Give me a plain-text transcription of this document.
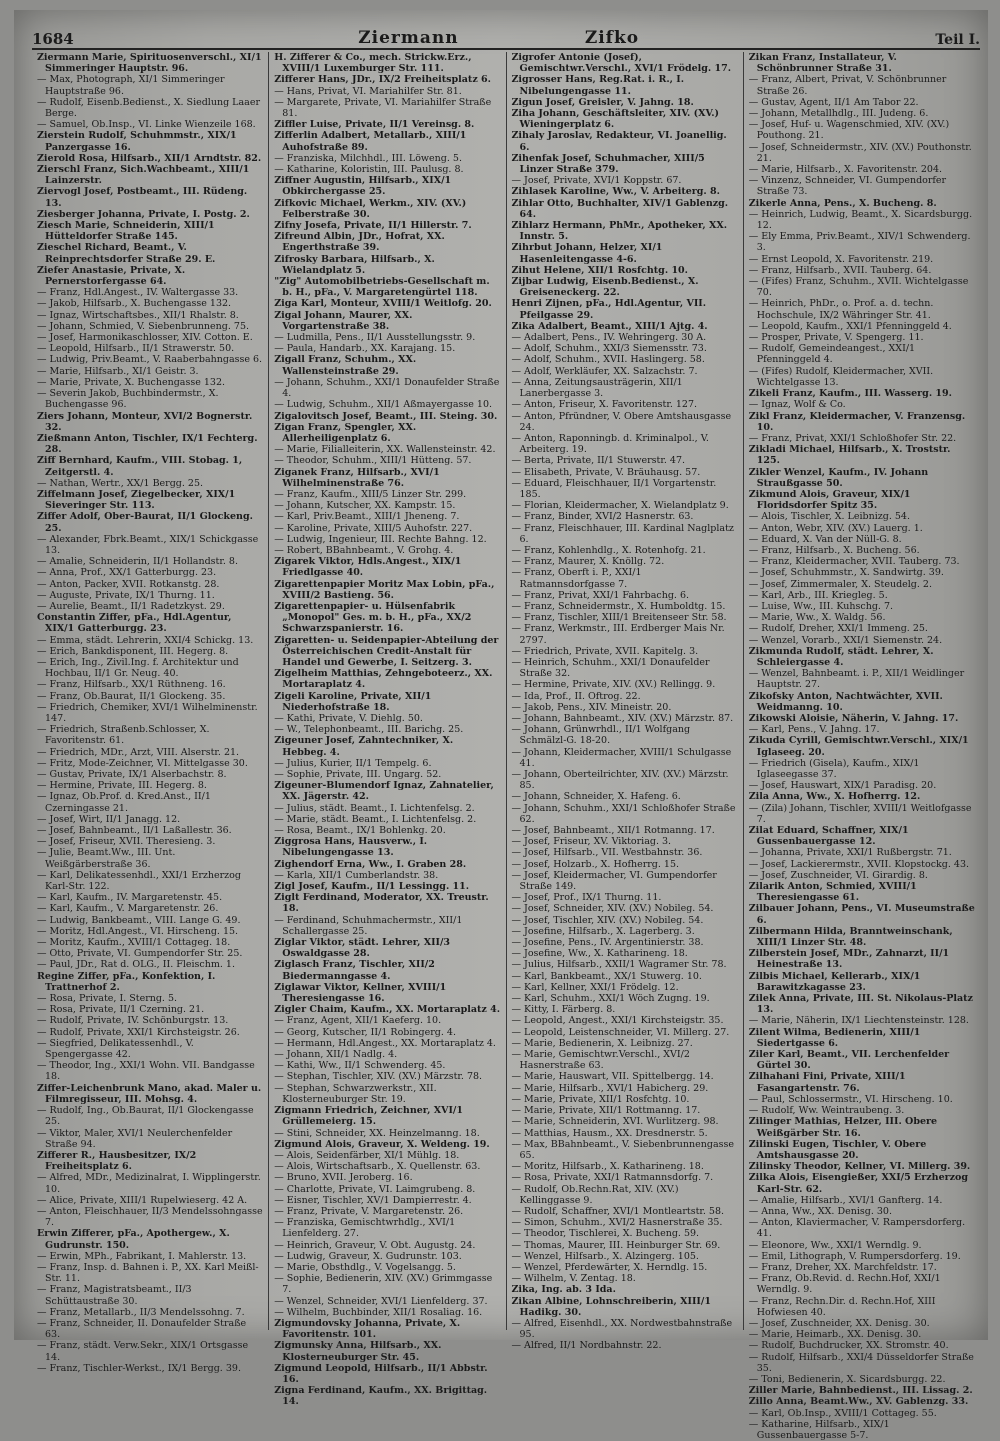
1684	Ziermann	Zifko	Teil I.

Ziermann Marie, Spirituosenverschl., XI/1 Simmeringer Hauptstr. 96.

— Max, Photograph, XI/1 Simmeringer Hauptstraße 96.

— Rudolf, Eisenb.Bedienst., X. Siedlung Laaer Berge.

— Samuel, Ob.Insp., VI. Linke Wienzeile 168.

Zierstein Rudolf, Schuhmmstr., XIX/1 Panzergasse 16.

Zierold Rosa, Hilfsarb., XII/1 Arndtstr. 82.

Zierschl Franz, Sich.Wachbeamt., XIII/1 Lainzerstr.

Ziervogl Josef, Postbeamt., III. Rüdeng. 13.

Ziesberger Johanna, Private, I. Postg. 2.

Ziesch Marie, Schneiderin, XIII/1 Hütteldorfer Straße 145.

Zieschel Richard, Beamt., V. Reinprechtsdorfer Straße 29. E.

Ziefer Anastasie, Private, X. Pernerstorfergasse 64.

— Franz, Hdl.Angest., IV. Waltergasse 33.

— Jakob, Hilfsarb., X. Buchengasse 132.

— Ignaz, Wirtschaftsbes., XII/1 Rhalstr. 8.

— Johann, Schmied, V. Siebenbrunneng. 75.

— Josef, Harmonikaschlosser, XIV. Cotton. E.

— Leopold, Hilfsarb., II/1 Strawerstr. 50.

— Ludwig, Priv.Beamt., V. Raaberbahngasse 6.

— Marie, Hilfsarb., XI/1 Geistr. 3.

— Marie, Private, X. Buchengasse 132.

— Severin Jakob, Buchbindermstr., X. Buchengasse 96.

Ziers Johann, Monteur, XVI/2 Bognerstr. 32.

Zießmann Anton, Tischler, IX/1 Fechterg. 28.

Ziff Bernhard, Kaufm., VIII. Stobag. 1, Zeitgerstl. 4.

— Nathan, Wertr., XX/1 Bergg. 25.

Ziffelmann Josef, Ziegelbecker, XIX/1 Sieveringer Str. 113.

Ziffer Adolf, Ober-Baurat, II/1 Glockeng. 25.

— Alexander, Fbrk.Beamt., XIX/1 Schickgasse 13.

— Amalie, Schneiderin, II/1 Hollandstr. 8.

— Anna, Prof., XX/1 Gatterburgg. 23.

— Anton, Packer, XVII. Rotkanstg. 28.

— Auguste, Private, IX/1 Thurng. 11.

— Aurelie, Beamt., II/1 Radetzkyst. 29.

Constantin Ziffer, pFa., Hdl.Agentur, XIX/1 Gatterburgg. 23.

— Emma, städt. Lehrerin, XXI/4 Schickg. 13.

— Erich, Bankdisponent, III. Hegerg. 8.

— Erich, Ing., Zivil.Ing. f. Architektur und Hochbau, II/1 Gr. Neug. 40.

— Franz, Hilfsarb., XX/1 Rüthneng. 16.

— Franz, Ob.Baurat, II/1 Glockeng. 35.

— Friedrich, Chemiker, XVI/1 Wilhelminenstr. 147.

— Friedrich, Straßenb.Schlosser, X. Favoritenstr. 61.

— Friedrich, MDr., Arzt, VIII. Alserstr. 21.

— Fritz, Mode-Zeichner, VI. Mittelgasse 30.

— Gustav, Private, IX/1 Alserbachstr. 8.

— Hermine, Private, III. Hegerg. 8.

— Ignaz, Ob.Prof. d. Kred.Anst., II/1 Czerningasse 21.

— Josef, Wirt, II/1 Janagg. 12.

— Josef, Bahnbeamt., II/1 Laßallestr. 36.

— Josef, Friseur, XVII. Theresieng. 3.

— Julie, Beamt.Ww., III. Unt. Weißgärberstraße 36.

— Karl, Delikatessenhdl., XXI/1 Erzherzog Karl-Str. 122.

— Karl, Kaufm., IV. Margaretenstr. 45.

— Karl, Kaufm., V. Margaretenstr. 26.

— Ludwig, Bankbeamt., VIII. Lange G. 49.

— Moritz, Hdl.Angest., VI. Hirscheng. 15.

— Moritz, Kaufm., XVIII/1 Cottageg. 18.

— Otto, Private, VI. Gumpendorfer Str. 25.

— Paul, JDr., Rat d. OLG., II. Fleischm. 1.

Regine Ziffer, pFa., Konfektion, I. Trattnerhof 2.

— Rosa, Private, I. Sterng. 5.

— Rosa, Private, II/1 Czerning. 21.

— Rudolf, Private, IV. Schönburgstr. 13.

— Rudolf, Private, XXI/1 Kirchsteigstr. 26.

— Siegfried, Delikatessenhdl., V. Spengergasse 42.

— Theodor, Ing., XXI/1 Wohn. VII. Bandgasse 18.

Ziffer-Leichenbrunk Mano, akad. Maler u. Filmregisseur, III. Mohsg. 4.

— Rudolf, Ing., Ob.Baurat, II/1 Glockengasse 25.

— Viktor, Maler, XVI/1 Neulerchenfelder Straße 94.

Zifferer R., Hausbesitzer, IX/2 Freiheitsplatz 6.

— Alfred, MDr., Medizinalrat, I. Wipplingerstr. 10.

— Alice, Private, XIII/1 Rupelwieserg. 42 A.

— Anton, Fleischhauer, II/3 Mendelssohngasse 7.

Erwin Zifferer, pFa., Apothergew., X. Gudrunstr. 150.

— Erwin, MPh., Fabrikant, I. Mahlerstr. 13.

— Franz, Insp. d. Bahnen i. P., XX. Karl Meißl-Str. 11.

— Franz, Magistratsbeamt., II/3 Schüttaustraße 30.

— Franz, Metallarb., II/3 Mendelssohng. 7.

— Franz, Schneider, II. Donaufelder Straße 63.

— Franz, städt. Verw.Sekr., XIX/1 Ortsgasse 14.

— Franz, Tischler-Werkst., IX/1 Bergg. 39.

H. Zifferer & Co., mech. Strickw.Erz., XVIII/1 Luxemburger Str. 111.

Zifferer Hans, JDr., IX/2 Freiheitsplatz 6.

— Hans, Privat, VI. Mariahilfer Str. 81.

— Margarete, Private, VI. Mariahilfer Straße 81.

Ziffler Luise, Private, II/1 Vereinsg. 8.

Zifferlin Adalbert, Metallarb., XIII/1 Auhofstraße 89.

— Franziska, Milchhdl., III. Löweng. 5.

— Katharine, Koloristin, III. Paulusg. 8.

Ziffner Augustin, Hilfsarb., XIX/1 Obkirchergasse 25.

Zifkovic Michael, Werkm., XIV. (XV.) Felberstraße 30.

Zifny Josefa, Private, II/1 Hillerstr. 7.

Zifreund Albin, JDr., Hofrat, XX. Engerthstraße 39.

Zifrosky Barbara, Hilfsarb., X. Wielandplatz 5.

"Zig" Automobilbetriebs-Gesellschaft m. b. H., pFa., V. Margaretengürtel 118.

Ziga Karl, Monteur, XVIII/1 Weitlofg. 20.

Zigal Johann, Maurer, XX. Vorgartenstraße 38.

— Ludmilla, Pens., II/1 Ausstellungsstr. 9.

— Paula, Handarb., XX. Karajang. 15.

Zigall Franz, Schuhm., XX. Wallensteinstraße 29.

— Johann, Schuhm., XXI/1 Donaufelder Straße 4.

— Ludwig, Schuhm., XII/1 Aßmayergasse 10.

Zigalovitsch Josef, Beamt., III. Steing. 30.

Zigan Franz, Spengler, XX. Allerheiligenplatz 6.

— Marie, Filialleiterin, XX. Wallensteinstr. 42.

— Theodor, Schuhm., XIII/1 Hütteng. 57.

Ziganek Franz, Hilfsarb., XVI/1 Wilhelminenstraße 76.

— Franz, Kaufm., XIII/5 Linzer Str. 299.

— Johann, Kutscher, XX. Kampstr. 15.

— Karl, Priv.Beamt., XIII/1 Jheneng. 7.

— Karoline, Private, XIII/5 Auhofstr. 227.

— Ludwig, Ingenieur, III. Rechte Bahng. 12.

— Robert, BBahnbeamt., V. Grohg. 4.

Zigarek Viktor, Hdls.Angest., XIX/1 Friedlgasse 40.

Zigarettenpapier Moritz Max Lobin, pFa., XVIII/2 Bastieng. 56.

Zigarettenpapier- u. Hülsenfabrik „Monopol" Ges. m. b. H., pFa., XX/2 Schwarzspanierstr. 16.

Zigaretten- u. Seidenpapier-Abteilung der Österreichischen Credit-Anstalt für Handel und Gewerbe, I. Seitzerg. 3.

Zigelheim Matthias, Zehngeboteerz., XX. Mortaraplatz 4.

Zigeli Karoline, Private, XII/1 Niederhofstraße 18.

— Kathi, Private, V. Diehlg. 50.

— W., Telephonbeamt., III. Barichg. 25.

Zigeuner Josef, Zahntechniker, X. Hebbeg. 4.

— Julius, Kurier, II/1 Tempelg. 6.

— Sophie, Private, III. Ungarg. 52.

Zigeuner-Blumendorf Ignaz, Zahnatelier, XX. Jägerstr. 42.

— Julius, städt. Beamt., I. Lichtenfelsg. 2.

— Marie, städt. Beamt., I. Lichtenfelsg. 2.

— Rosa, Beamt., IX/1 Bohlenkg. 20.

Ziggrosa Hans, Hausverw., I. Nibelungengasse 13.

Zighendorf Erna, Ww., I. Graben 28.

— Karla, XII/1 Cumberlandstr. 38.

Zigl Josef, Kaufm., II/1 Lessingg. 11.

Ziglt Ferdinand, Moderator, XX. Treustr. 18.

— Ferdinand, Schuhmachermstr., XII/1 Schallergasse 25.

Ziglar Viktor, städt. Lehrer, XII/3 Oswaldgasse 28.

Ziglasch Franz, Tischler, XII/2 Biedermanngasse 4.

Ziglawar Viktor, Kellner, XVIII/1 Theresiengasse 16.

Zigler Chaim, Kaufm., XX. Mortaraplatz 4.

— Franz, Agent, XII/1 Kaeferg. 10.

— Georg, Kutscher, II/1 Robingerg. 4.

— Hermann, Hdl.Angest., XX. Mortaraplatz 4.

— Johann, XII/1 Nadlg. 4.

— Kathi, Ww., II/1 Schwenderg. 45.

— Stephan, Tischler, XIV. (XV.) Märzstr. 78.

— Stephan, Schwarzwerkstr., XII. Klosterneuburger Str. 19.

Zigmann Friedrich, Zeichner, XVI/1 Grüllemeierg. 15.

— Stini, Schneider, XX. Heinzelmanng. 18.

Zigmund Alois, Graveur, X. Weldeng. 19.

— Alois, Seidenfärber, XI/1 Mühlg. 18.

— Alois, Wirtschaftsarb., X. Quellenstr. 63.

— Bruno, XVII. Jeroberg. 16.

— Charlotte, Private, VI. Laimgrubeng. 8.

— Eisner, Tischler, XV/1 Dampierrestr. 4.

— Franz, Private, V. Margaretenstr. 26.

— Franziska, Gemischtwrhdlg., XVI/1 Lienfelderg. 27.

— Heinrich, Graveur, V. Obt. Augustg. 24.

— Ludwig, Graveur, X. Gudrunstr. 103.

— Marie, Obsthdlg., V. Vogelsangg. 5.

— Sophie, Bedienerin, XIV. (XV.) Grimmgasse 7.

— Wenzel, Schneider, XVI/1 Lienfelderg. 37.

— Wilhelm, Buchbinder, XII/1 Rosaliag. 16.

Zigmundovsky Johanna, Private, X. Favoritenstr. 101.

Zigmunsky Anna, Hilfsarb., XX. Klosterneuburger Str. 45.

Zigmund Leopold, Hilfsarb., II/1 Abbstr. 16.

Zigna Ferdinand, Kaufm., XX. Brigittag. 14.

Zigrofer Antonie (Josef), Gemischtwr.Verschl., XVI/1 Frödelg. 17.

Zigrosser Hans, Reg.Rat. i. R., I. Nibelungengasse 11.

Zigun Josef, Greisler, V. Jahng. 18.

Ziha Johann, Geschäftsleiter, XIV. (XV.) Wieningerplatz 6.

Zihaly Jaroslav, Redakteur, VI. Joanellig. 6.

Zihenfak Josef, Schuhmacher, XIII/5 Linzer Straße 379.

— Josef, Private, XVI/1 Koppstr. 67.

Zihlasek Karoline, Ww., V. Arbeiterg. 8.

Zihlar Otto, Buchhalter, XIV/1 Gablenzg. 64.

Zihlarz Hermann, PhMr., Apotheker, XX. Innstr. 5.

Zihrbut Johann, Helzer, XI/1 Hasenleitengasse 4-6.

Zihut Helene, XII/1 Rosfchtg. 10.

Zijbar Ludwig, Eisenb.Bedienst., X. Greiseneckerg. 22.

Henri Zijnen, pFa., Hdl.Agentur, VII. Pfeilgasse 29.

Zika Adalbert, Beamt., XIII/1 Ajtg. 4.

— Adalbert, Pens., IV. Wehringerg. 30 A.

— Adolf, Schuhm., XXI/3 Siemensstr. 73.

— Adolf, Schuhm., XVII. Haslingerg. 58.

— Adolf, Werkläufer, XX. Salzachstr. 7.

— Anna, Zeitungsausträgerin, XII/1 Lanerbergasse 3.

— Anton, Friseur, X. Favoritenstr. 127.

— Anton, Pfründner, V. Obere Amtshausgasse 24.

— Anton, Raponningb. d. Kriminalpol., V. Arbeiterg. 19.

— Berta, Private, II/1 Stuwerstr. 47.

— Elisabeth, Private, V. Bräuhausg. 57.

— Eduard, Fleischhauer, II/1 Vorgartenstr. 185.

— Florian, Kleidermacher, X. Wielandplatz 9.

— Franz, Binder, XVI/2 Hasnerstr. 63.

— Franz, Fleischhauer, III. Kardinal Naglplatz 6.

— Franz, Kohlenhdlg., X. Rotenhofg. 21.

— Franz, Maurer, X. Knöllg. 72.

— Franz, Oberft i. P., XXI/1 Ratmannsdorfgasse 7.

— Franz, Privat, XXI/1 Fahrbachg. 6.

— Franz, Schneidermstr., X. Humboldtg. 15.

— Franz, Tischler, XIII/1 Breitenseer Str. 58.

— Franz, Werkmstr., III. Erdberger Mais Nr. 2797.

— Friedrich, Private, XVII. Kapitelg. 3.

— Heinrich, Schuhm., XXI/1 Donaufelder Straße 32.

— Hermine, Private, XIV. (XV.) Rellingg. 9.

— Ida, Prof., II. Oftrog. 22.

— Jakob, Pens., XIV. Mineistr. 20.

— Johann, Bahnbeamt., XIV. (XV.) Märzstr. 87.

— Johann, Grünwrhdl., II/1 Wolfgang Schmälzl-G. 18-20.

— Johann, Kleidermacher, XVIII/1 Schulgasse 41.

— Johann, Oberteilrichter, XIV. (XV.) Märzstr. 85.

— Johann, Schneider, X. Hafeng. 6.

— Johann, Schuhm., XXI/1 Schloßhofer Straße 62.

— Josef, Bahnbeamt., XII/1 Rotmanng. 17.

— Josef, Friseur, XV. Viktoriag. 3.

— Josef, Hilfsarb., VII. Westbahnstr. 36.

— Josef, Holzarb., X. Hofherrg. 15.

— Josef, Kleidermacher, VI. Gumpendorfer Straße 149.

— Josef, Prof., IX/1 Thurng. 11.

— Josef, Schneider, XIV. (XV.) Nobileg. 54.

— Josef, Tischler, XIV. (XV.) Nobileg. 54.

— Josefine, Hilfsarb., X. Lagerberg. 3.

— Josefine, Pens., IV. Argentinierstr. 38.

— Josefine, Ww., X. Katharineng. 18.

— Julius, Hilfsarb., XXII/1 Wagramer Str. 78.

— Karl, Bankbeamt., XX/1 Stuwerg. 10.

— Karl, Kellner, XXI/1 Frödelg. 12.

— Karl, Schuhm., XXI/1 Wöch Zugng. 19.

— Kitty, I. Färberg. 8.

— Leopold, Angest., XXI/1 Kirchsteigstr. 35.

— Leopold, Leistenschneider, VI. Millerg. 27.

— Marie, Bedienerin, X. Leibnizg. 27.

— Marie, Gemischtwr.Verschl., XVI/2 Hasnerstraße 63.

— Marie, Hauswart, VII. Spittelbergg. 14.

— Marie, Hilfsarb., XVI/1 Habicherg. 29.

— Marie, Private, XII/1 Rosfchtg. 10.

— Marie, Private, XII/1 Rottmanng. 17.

— Marie, Schneiderin, XVI. Wurlitzerg. 98.

— Matthias, Hausm., XX. Dresdnerstr. 5.

— Max, BBahnbeamt., V. Siebenbrunnengasse 65.

— Moritz, Hilfsarb., X. Katharineng. 18.

— Rosa, Private, XXI/1 Ratmannsdorfg. 7.

— Rudolf, Ob.Rechn.Rat, XIV. (XV.) Kellinggasse 9.

— Rudolf, Schaffner, XVI/1 Montleartstr. 58.

— Simon, Schuhm., XVI/2 Hasnerstraße 35.

— Theodor, Tischlerei, X. Bucheng. 59.

— Thomas, Maurer, III. Heinburger Str. 69.

— Wenzel, Hilfsarb., X. Alzingerg. 105.

— Wenzel, Pferdewärter, X. Herndlg. 15.

— Wilhelm, V. Zentag. 18.

Zika, Ing. ab. 3 Ida.

Zikan Albine, Lohnschreiberin, XIII/1 Hadikg. 30.

— Alfred, Eisenhdl., XX. Nordwestbahnstraße 95.

— Alfred, II/1 Nordbahnstr. 22.

Zikan Franz, Installateur, V. Schönbrunner Straße 31.

— Franz, Albert, Privat, V. Schönbrunner Straße 26.

— Gustav, Agent, II/1 Am Tabor 22.

— Johann, Metallhdlg., III. Judeng. 6.

— Josef, Huf- u. Wagenschmied, XIV. (XV.) Pouthong. 21.

— Josef, Schneidermstr., XIV. (XV.) Pouthonstr. 21.

— Marie, Hilfsarb., X. Favoritenstr. 204.

— Vinzenz, Schneider, VI. Gumpendorfer Straße 73.

Zikerle Anna, Pens., X. Bucheng. 8.

— Heinrich, Ludwig, Beamt., X. Sicardsburgg. 12.

— Ely Emma, Priv.Beamt., XIV/1 Schwenderg. 3.

— Ernst Leopold, X. Favoritenstr. 219.

— Franz, Hilfsarb., XVII. Tauberg. 64.

— (Fifes) Franz, Schuhm., XVII. Wichtelgasse 70.

— Heinrich, PhDr., o. Prof. a. d. techn. Hochschule, IX/2 Währinger Str. 41.

— Leopold, Kaufm., XXI/1 Pfenninggeld 4.

— Prosper, Private, V. Spengerg. 11.

— Rudolf, Gemeindeangest., XXI/1 Pfenninggeld 4.

— (Fifes) Rudolf, Kleidermacher, XVII. Wichtelgasse 13.

Zikeli Franz, Kaufm., III. Wasserg. 19.

— Ignaz, Wolf & Co.

Zikl Franz, Kleidermacher, V. Franzensg. 10.

— Franz, Privat, XXI/1 Schloßhofer Str. 22.

Zikladi Michael, Hilfsarb., X. Troststr. 125.

Zikler Wenzel, Kaufm., IV. Johann Straußgasse 50.

Zikmund Alois, Graveur, XIX/1 Floridsdorfer Spitz 35.

— Alois, Tischler, X. Leibnizg. 54.

— Anton, Webr, XIV. (XV.) Lauerg. 1.

— Eduard, X. Van der Nüll-G. 8.

— Franz, Hilfsarb., X. Bucheng. 56.

— Franz, Kleidermacher, XVII. Tauberg. 73.

— Josef, Schuhmmstr., X. Sandwirtg. 39.

— Josef, Zimmermaler, X. Steudelg. 2.

— Karl, Arb., III. Kriegleg. 5.

— Luise, Ww., III. Kuhschg. 7.

— Marie, Ww., X. Waldg. 56.

— Rudolf, Dreher, XXI/1 Immeng. 25.

— Wenzel, Vorarb., XXI/1 Siemenstr. 24.

Zikmunda Rudolf, städt. Lehrer, X. Schleiergasse 4.

— Wenzel, Bahnbeamt. i. P., XII/1 Weidlinger Hauptstr. 27.

Zikofsky Anton, Nachtwächter, XVII. Weidmanng. 10.

Zikowski Aloisie, Näherin, V. Jahng. 17.

— Karl, Pens., V. Jahng. 17.

Zikuda Cyrill, Gemischtwr.Verschl., XIX/1 Iglaseeg. 20.

— Friedrich (Gisela), Kaufm., XIX/1 Iglaseegasse 37.

— Josef, Hauswart, XIX/1 Paradisg. 20.

Zila Anna, Ww., X. Hofherrg. 12.

— (Zila) Johann, Tischler, XVIII/1 Weitlofgasse 7.

Zilat Eduard, Schaffner, XIX/1 Gussenbauergasse 12.

— Johanna, Private, XXI/1 Rußbergstr. 71.

— Josef, Lackierermstr., XVII. Klopstockg. 43.

— Josef, Zuschneider, VI. Girardig. 8.

Zilarik Anton, Schmied, XVIII/1 Theresiengasse 61.

Zilbauer Johann, Pens., VI. Museumstraße 6.

Zilbermann Hilda, Branntweinschank, XIII/1 Linzer Str. 48.

Zilberstein Josef, MDr., Zahnarzt, II/1 Heinestraße 13.

Zilbis Michael, Kellerarb., XIX/1 Barawitzkagasse 23.

Zilek Anna, Private, III. St. Nikolaus-Platz 13.

— Marie, Näherin, IX/1 Liechtensteinstr. 128.

Zilent Wilma, Bedienerin, XIII/1 Siedertgasse 6.

Ziler Karl, Beamt., VII. Lerchenfelder Gürtel 30.

Zilhahani Fini, Private, XIII/1 Fasangartenstr. 76.

— Paul, Schlossermstr., VI. Hirscheng. 10.

— Rudolf, Ww. Weintraubeng. 3.

Zilinger Mathias, Helzer, III. Obere Weißgärber Str. 16.

Zilinski Eugen, Tischler, V. Obere Amtshausgasse 20.

Zilinsky Theodor, Kellner, VI. Millerg. 39.

Zilka Alois, Eisengießer, XXI/5 Erzherzog Karl-Str. 62.

— Amalie, Hilfsarb., XVI/1 Ganfterg. 14.

— Anna, Ww., XX. Denisg. 30.

— Anton, Klaviermacher, V. Rampersdorferg. 41.

— Eleonore, Ww., XXI/1 Werndlg. 9.

— Emil, Lithograph, V. Rumpersdorferg. 19.

— Franz, Dreher, XX. Marchfeldstr. 17.

— Franz, Ob.Revid. d. Rechn.Hof, XXI/1 Werndlg. 9.

— Franz, Rechn.Dir. d. Rechn.Hof, XIII Hofwiesen 40.

— Josef, Zuschneider, XX. Denisg. 30.

— Marie, Heimarb., XX. Denisg. 30.

— Rudolf, Buchdrucker, XX. Stromstr. 40.

— Rudolf, Hilfsarb., XXI/4 Düsseldorfer Straße 35.

— Toni, Bedienerin, X. Sicardsburgg. 22.

Ziller Marie, Bahnbedienst., III. Lissag. 2.

Zillo Anna, Beamt.Ww., XV. Gablenzg. 33.

— Karl, Ob.Insp., XVIII/1 Cottageg. 55.

— Katharine, Hilfsarb., XIX/1 Gussenbauergasse 5-7.
